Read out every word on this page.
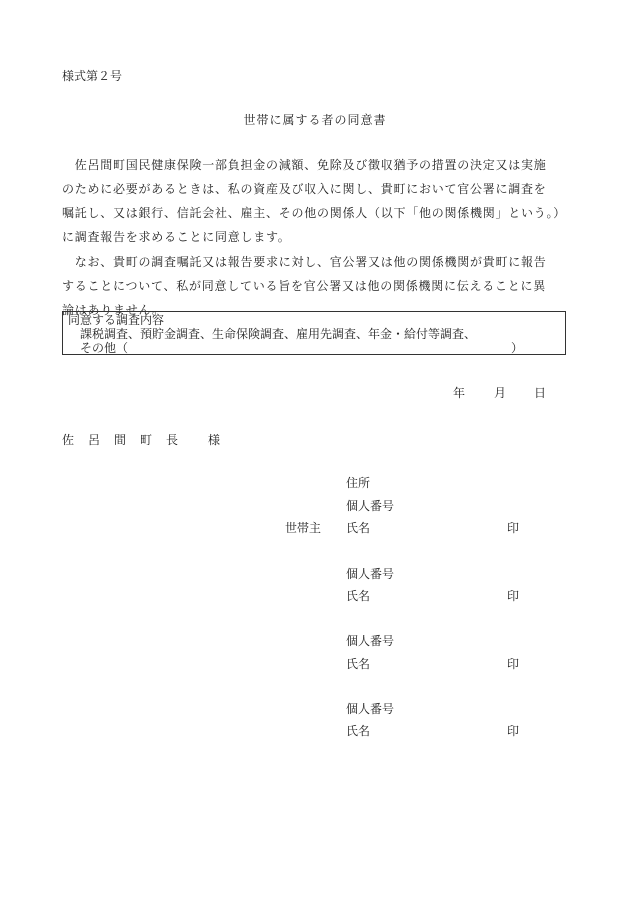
様式第２号
世帯に属する者の同意書
　佐呂間町国民健康保険一部負担金の減額、免除及び徴収猶予の措置の決定又は実施
のために必要があるときは、私の資産及び収入に関し、貴町において官公署に調査を
嘱託し、又は銀行、信託会社、雇主、その他の関係人（以下「他の関係機関」という。）
に調査報告を求めることに同意します。
　なお、貴町の調査嘱託又は報告要求に対し、官公署又は他の関係機関が貴町に報告
することについて、私が同意している旨を官公署又は他の関係機関に伝えることに異
論はありません。
同意する調査内容
課税調査、預貯金調査、生命保険調査、雇用先調査、年金・給付等調査、
その他（	）
年 月 日
佐　呂　間　町　長 様
住所
個人番号
世帯主 氏名	印
個人番号
氏名	印
個人番号
氏名	印
個人番号
氏名	印
